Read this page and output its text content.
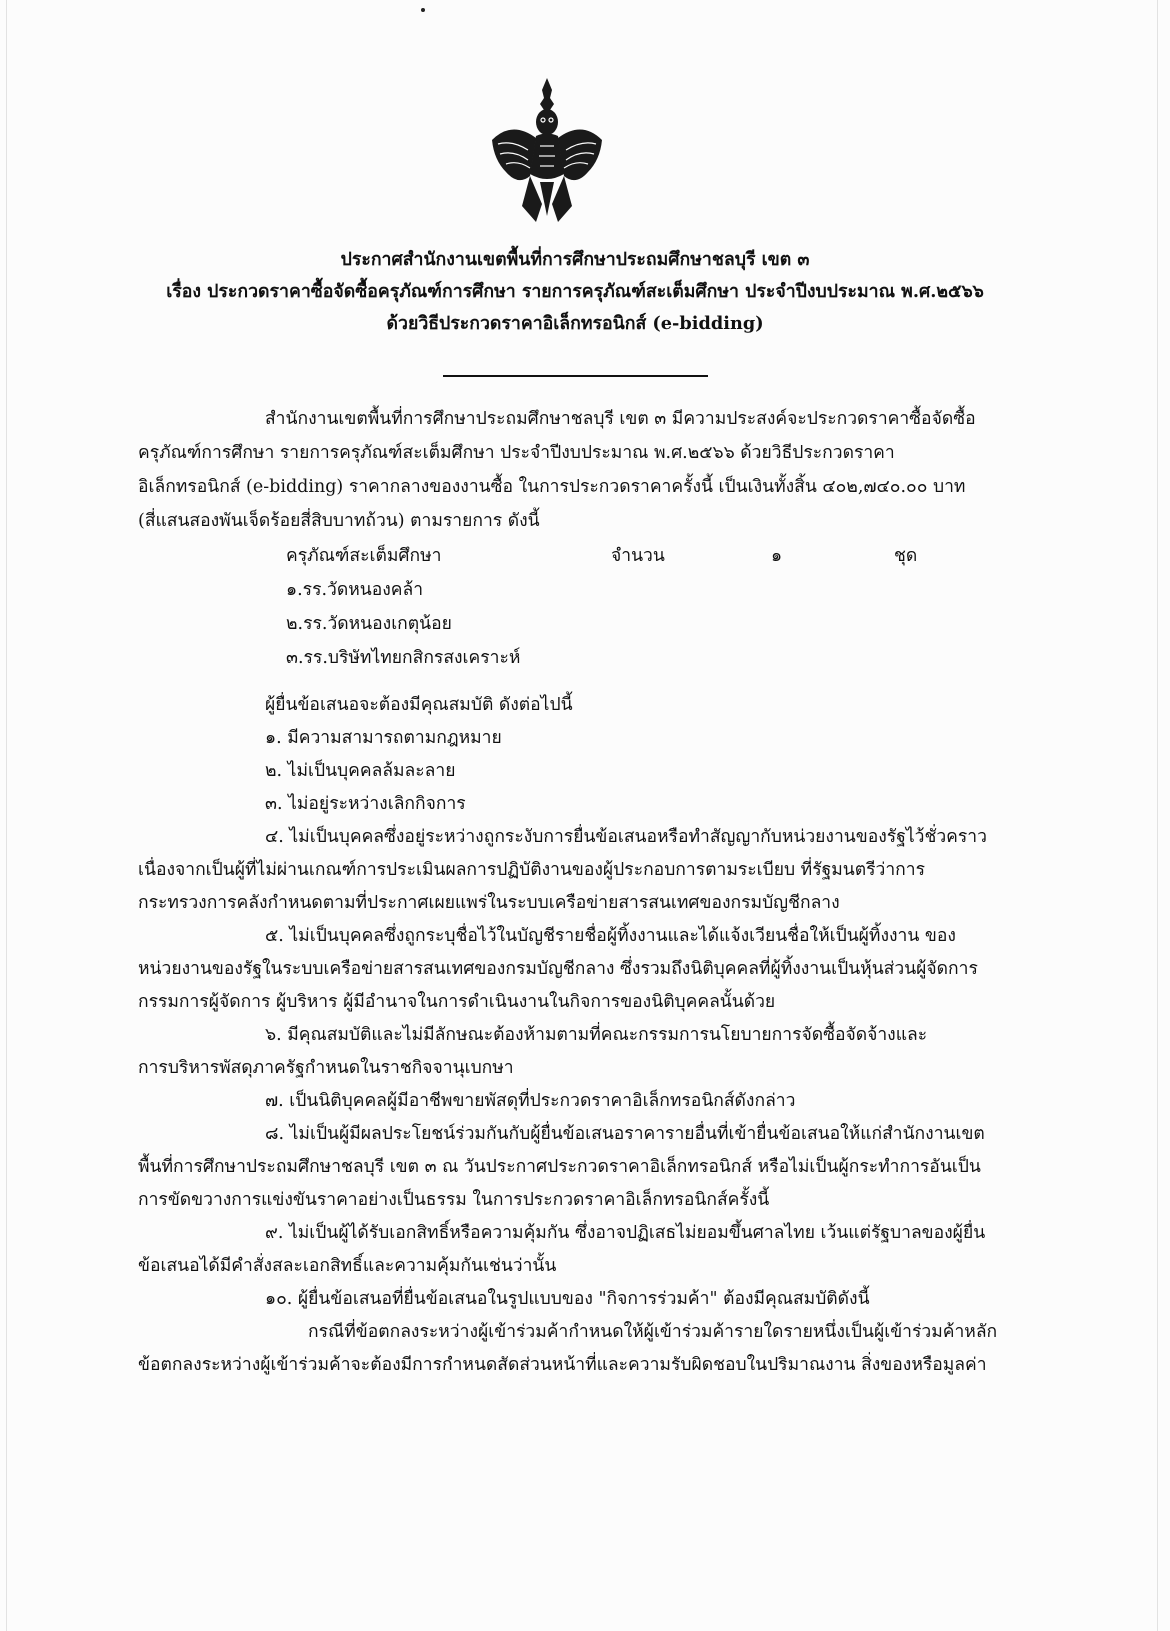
ประกาศสำนักงานเขตพื้นที่การศึกษาประถมศึกษาชลบุรี เขต ๓
เรื่อง ประกวดราคาซื้อจัดซื้อครุภัณฑ์การศึกษา รายการครุภัณฑ์สะเต็มศึกษา ประจำปีงบประมาณ พ.ศ.๒๕๖๖
ด้วยวิธีประกวดราคาอิเล็กทรอนิกส์ (e-bidding)
สำนักงานเขตพื้นที่การศึกษาประถมศึกษาชลบุรี เขต ๓ มีความประสงค์จะประกวดราคาซื้อจัดซื้อ
ครุภัณฑ์การศึกษา รายการครุภัณฑ์สะเต็มศึกษา ประจำปีงบประมาณ พ.ศ.๒๕๖๖ ด้วยวิธีประกวดราคา
อิเล็กทรอนิกส์ (e-bidding) ราคากลางของงานซื้อ ในการประกวดราคาครั้งนี้ เป็นเงินทั้งสิ้น ๔๐๒,๗๔๐.๐๐ บาท
(สี่แสนสองพันเจ็ดร้อยสี่สิบบาทถ้วน) ตามรายการ ดังนี้
ครุภัณฑ์สะเต็มศึกษา	จำนวน	๑	ชุด
๑.รร.วัดหนองคล้า
๒.รร.วัดหนองเกตุน้อย
๓.รร.บริษัทไทยกสิกรสงเคราะห์
ผู้ยื่นข้อเสนอจะต้องมีคุณสมบัติ ดังต่อไปนี้
๑. มีความสามารถตามกฎหมาย
๒. ไม่เป็นบุคคลล้มละลาย
๓. ไม่อยู่ระหว่างเลิกกิจการ
๔. ไม่เป็นบุคคลซึ่งอยู่ระหว่างถูกระงับการยื่นข้อเสนอหรือทำสัญญากับหน่วยงานของรัฐไว้ชั่วคราว
เนื่องจากเป็นผู้ที่ไม่ผ่านเกณฑ์การประเมินผลการปฏิบัติงานของผู้ประกอบการตามระเบียบ ที่รัฐมนตรีว่าการ
กระทรวงการคลังกำหนดตามที่ประกาศเผยแพร่ในระบบเครือข่ายสารสนเทศของกรมบัญชีกลาง
๕. ไม่เป็นบุคคลซึ่งถูกระบุชื่อไว้ในบัญชีรายชื่อผู้ทิ้งงานและได้แจ้งเวียนชื่อให้เป็นผู้ทิ้งงาน ของ
หน่วยงานของรัฐในระบบเครือข่ายสารสนเทศของกรมบัญชีกลาง ซึ่งรวมถึงนิติบุคคลที่ผู้ทิ้งงานเป็นหุ้นส่วนผู้จัดการ
กรรมการผู้จัดการ ผู้บริหาร ผู้มีอำนาจในการดำเนินงานในกิจการของนิติบุคคลนั้นด้วย
๖. มีคุณสมบัติและไม่มีลักษณะต้องห้ามตามที่คณะกรรมการนโยบายการจัดซื้อจัดจ้างและ
การบริหารพัสดุภาครัฐกำหนดในราชกิจจานุเบกษา
๗. เป็นนิติบุคคลผู้มีอาชีพขายพัสดุที่ประกวดราคาอิเล็กทรอนิกส์ดังกล่าว
๘. ไม่เป็นผู้มีผลประโยชน์ร่วมกันกับผู้ยื่นข้อเสนอราคารายอื่นที่เข้ายื่นข้อเสนอให้แก่สำนักงานเขต
พื้นที่การศึกษาประถมศึกษาชลบุรี เขต ๓ ณ วันประกาศประกวดราคาอิเล็กทรอนิกส์ หรือไม่เป็นผู้กระทำการอันเป็น
การขัดขวางการแข่งขันราคาอย่างเป็นธรรม ในการประกวดราคาอิเล็กทรอนิกส์ครั้งนี้
๙. ไม่เป็นผู้ได้รับเอกสิทธิ์หรือความคุ้มกัน ซึ่งอาจปฏิเสธไม่ยอมขึ้นศาลไทย เว้นแต่รัฐบาลของผู้ยื่น
ข้อเสนอได้มีคำสั่งสละเอกสิทธิ์และความคุ้มกันเช่นว่านั้น
๑๐. ผู้ยื่นข้อเสนอที่ยื่นข้อเสนอในรูปแบบของ "กิจการร่วมค้า" ต้องมีคุณสมบัติดังนี้
กรณีที่ข้อตกลงระหว่างผู้เข้าร่วมค้ากำหนดให้ผู้เข้าร่วมค้ารายใดรายหนึ่งเป็นผู้เข้าร่วมค้าหลัก
ข้อตกลงระหว่างผู้เข้าร่วมค้าจะต้องมีการกำหนดสัดส่วนหน้าที่และความรับผิดชอบในปริมาณงาน สิ่งของหรือมูลค่า
